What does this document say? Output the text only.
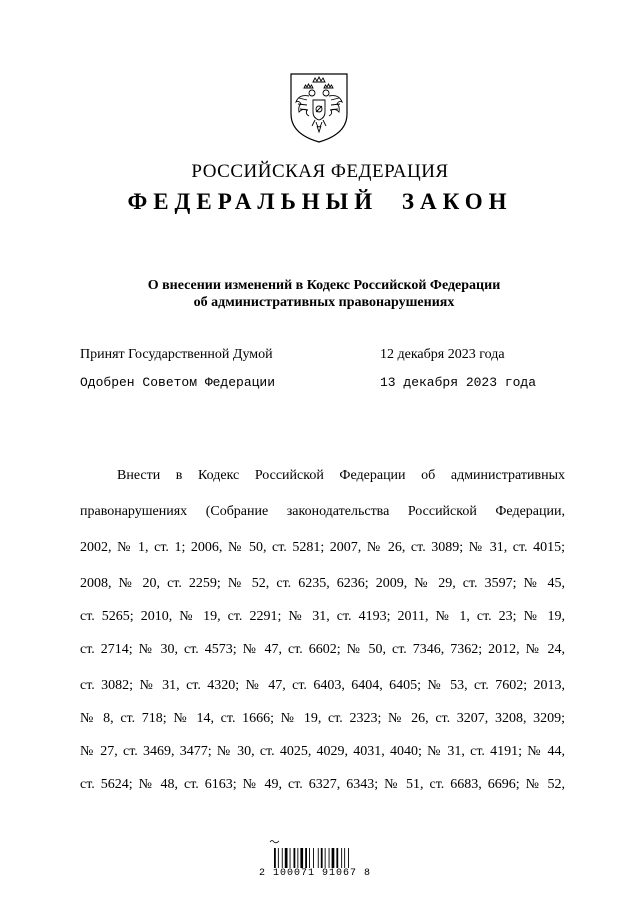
РОССИЙСКАЯ ФЕДЕРАЦИЯ
ФЕДЕРАЛЬНЫЙ ЗАКОН
О внесении изменений в Кодекс Российской Федерации
об административных правонарушениях
Принят Государственной Думой	12 декабря 2023 года
Одобрен Советом Федерации	13 декабря 2023 года
Внести в Кодекс Российской Федерации об административных
правонарушениях (Собрание законодательства Российской Федерации,
2002, № 1, ст. 1; 2006, № 50, ст. 5281; 2007, № 26, ст. 3089; № 31, ст. 4015;
2008, № 20, ст. 2259; № 52, ст. 6235, 6236; 2009, № 29, ст. 3597; № 45,
ст. 5265; 2010, № 19, ст. 2291; № 31, ст. 4193; 2011, № 1, ст. 23; № 19,
ст. 2714; № 30, ст. 4573; № 47, ст. 6602; № 50, ст. 7346, 7362; 2012, № 24,
ст. 3082; № 31, ст. 4320; № 47, ст. 6403, 6404, 6405; № 53, ст. 7602; 2013,
№ 8, ст. 718; № 14, ст. 1666; № 19, ст. 2323; № 26, ст. 3207, 3208, 3209;
№ 27, ст. 3469, 3477; № 30, ст. 4025, 4029, 4031, 4040; № 31, ст. 4191; № 44,
ст. 5624; № 48, ст. 6163; № 49, ст. 6327, 6343; № 51, ст. 6683, 6696; № 52,
2 100071 91067 8
